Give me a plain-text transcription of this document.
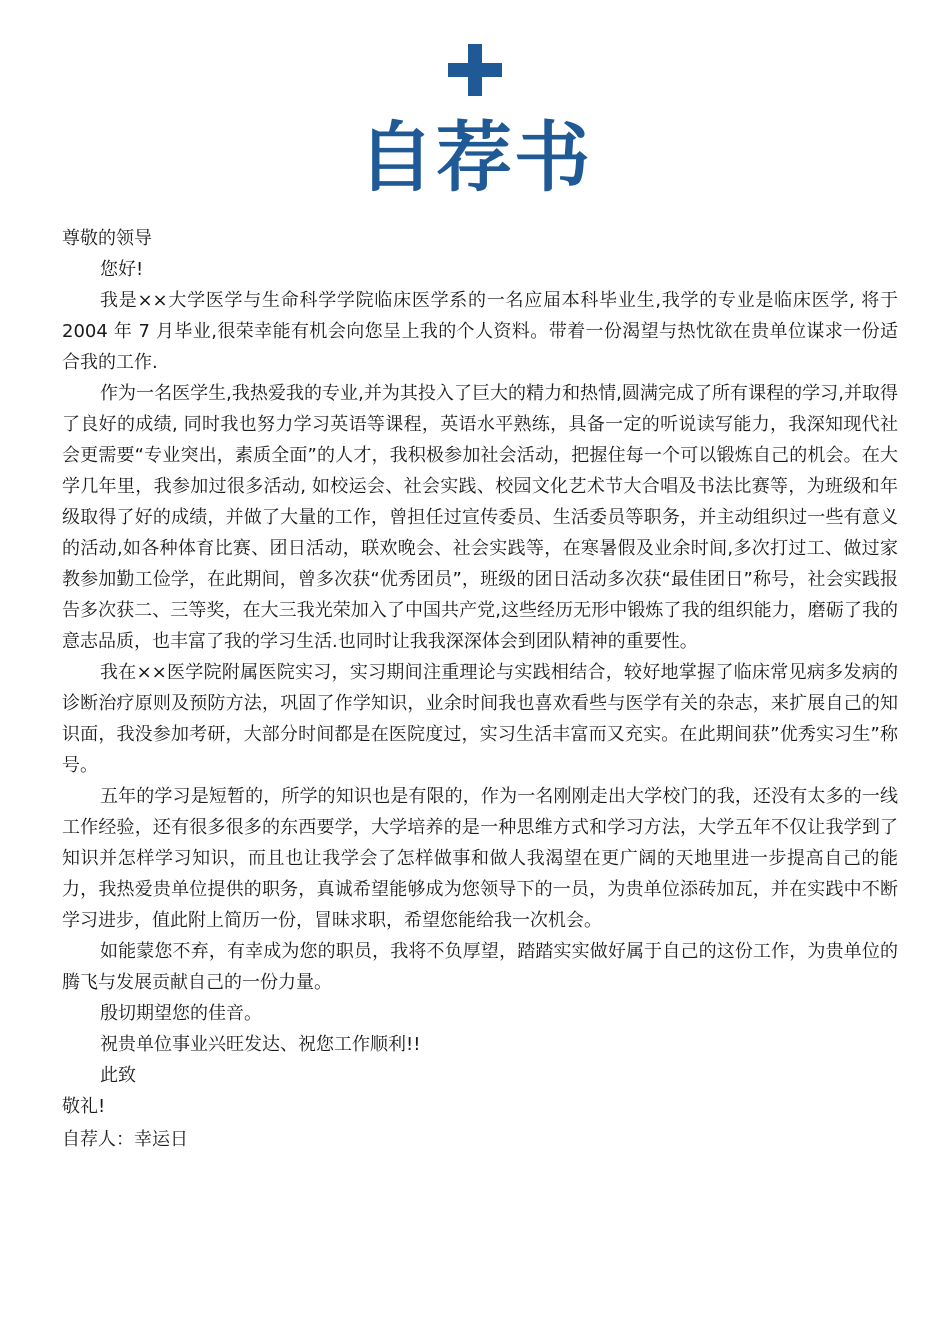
自荐书

尊敬的领导

您好!

我是××大学医学与生命科学学院临床医学系的一名应届本科毕业生,我学的专业是临床医学, 将于 2004 年 7 月毕业,很荣幸能有机会向您呈上我的个人资料。带着一份渴望与热忱欲在贵单位谋求一份适合我的工作.

作为一名医学生,我热爱我的专业,并为其投入了巨大的精力和热情,圆满完成了所有课程的学习,并取得了良好的成绩, 同时我也努力学习英语等课程，英语水平熟练，具备一定的听说读写能力，我深知现代社会更需要“专业突出，素质全面”的人才，我积极参加社会活动，把握住每一个可以锻炼自己的机会。在大学几年里，我参加过很多活动, 如校运会、社会实践、校园文化艺术节大合唱及书法比赛等，为班级和年级取得了好的成绩，并做了大量的工作，曾担任过宣传委员、生活委员等职务，并主动组织过一些有意义的活动,如各种体育比赛、团日活动，联欢晚会、社会实践等，在寒暑假及业余时间,多次打过工、做过家教参加勤工俭学，在此期间，曾多次获“优秀团员”，班级的团日活动多次获“最佳团日”称号，社会实践报告多次获二、三等奖，在大三我光荣加入了中国共产党,这些经历无形中锻炼了我的组织能力，磨砺了我的意志品质，也丰富了我的学习生活.也同时让我我深深体会到团队精神的重要性。

我在××医学院附属医院实习，实习期间注重理论与实践相结合，较好地掌握了临床常见病多发病的诊断治疗原则及预防方法，巩固了作学知识，业余时间我也喜欢看些与医学有关的杂志，来扩展自己的知识面，我没参加考研，大部分时间都是在医院度过，实习生活丰富而又充实。在此期间获”优秀实习生”称号。

五年的学习是短暂的，所学的知识也是有限的，作为一名刚刚走出大学校门的我，还没有太多的一线工作经验，还有很多很多的东西要学，大学培养的是一种思维方式和学习方法，大学五年不仅让我学到了知识并怎样学习知识，而且也让我学会了怎样做事和做人我渴望在更广阔的天地里进一步提高自己的能力，我热爱贵单位提供的职务，真诚希望能够成为您领导下的一员，为贵单位添砖加瓦，并在实践中不断学习进步，值此附上简历一份，冒昧求职，希望您能给我一次机会。

如能蒙您不弃，有幸成为您的职员，我将不负厚望，踏踏实实做好属于自己的这份工作，为贵单位的腾飞与发展贡献自己的一份力量。

殷切期望您的佳音。

祝贵单位事业兴旺发达、祝您工作顺利!!

此致

敬礼!

自荐人：幸运日
